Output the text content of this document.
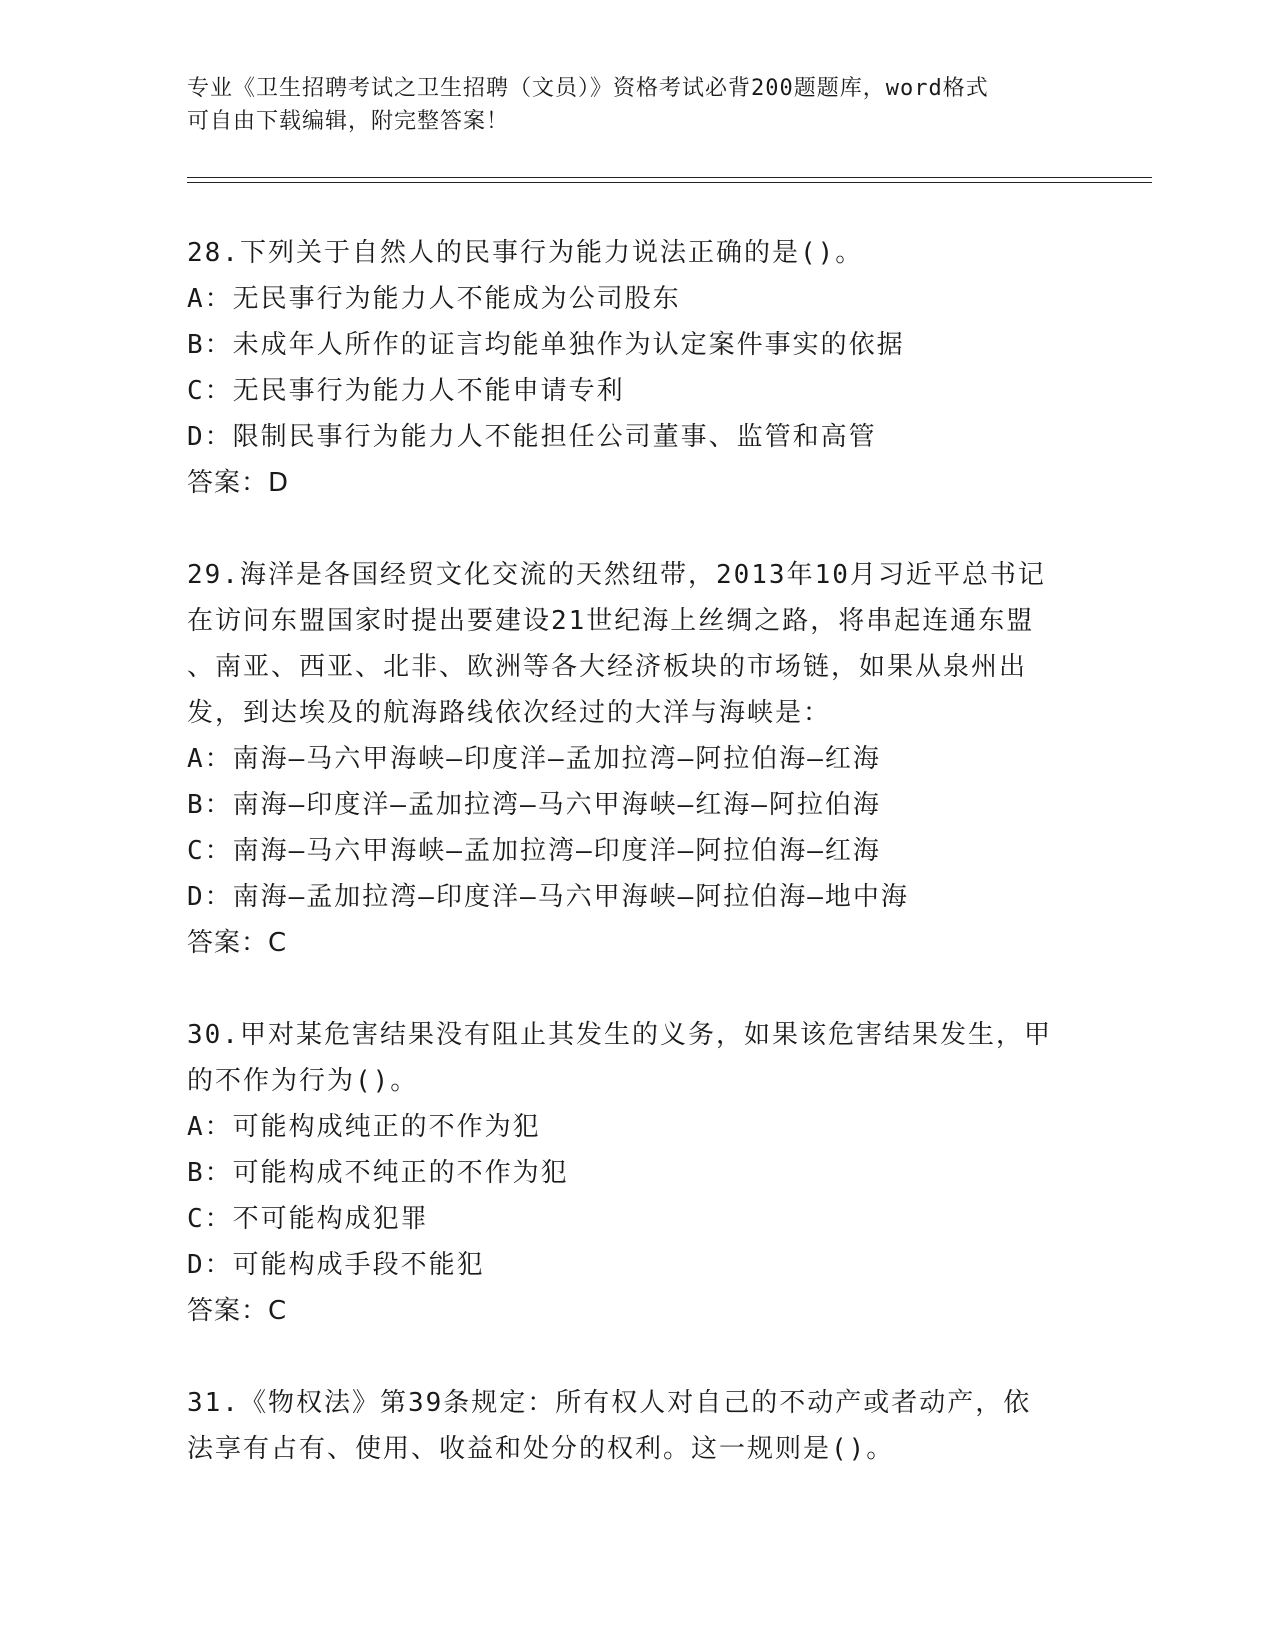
专业《卫生招聘考试之卫生招聘（文员）》资格考试必背200题题库，word格式
可自由下载编辑，附完整答案！

28.下列关于自然人的民事行为能力说法正确的是()。

A：无民事行为能力人不能成为公司股东

B：未成年人所作的证言均能单独作为认定案件事实的依据

C：无民事行为能力人不能申请专利

D：限制民事行为能力人不能担任公司董事、监管和高管

答案：D

29.海洋是各国经贸文化交流的天然纽带，2013年10月习近平总书记

在访问东盟国家时提出要建设21世纪海上丝绸之路，将串起连通东盟

、南亚、西亚、北非、欧洲等各大经济板块的市场链，如果从泉州出

发，到达埃及的航海路线依次经过的大洋与海峡是：

A：南海—马六甲海峡—印度洋—孟加拉湾—阿拉伯海—红海

B：南海—印度洋—孟加拉湾—马六甲海峡—红海—阿拉伯海

C：南海—马六甲海峡—孟加拉湾—印度洋—阿拉伯海—红海

D：南海—孟加拉湾—印度洋—马六甲海峡—阿拉伯海—地中海

答案：C

30.甲对某危害结果没有阻止其发生的义务，如果该危害结果发生，甲

的不作为行为()。

A：可能构成纯正的不作为犯

B：可能构成不纯正的不作为犯

C：不可能构成犯罪

D：可能构成手段不能犯

答案：C

31.《物权法》第39条规定：所有权人对自己的不动产或者动产，依

法享有占有、使用、收益和处分的权利。这一规则是()。
